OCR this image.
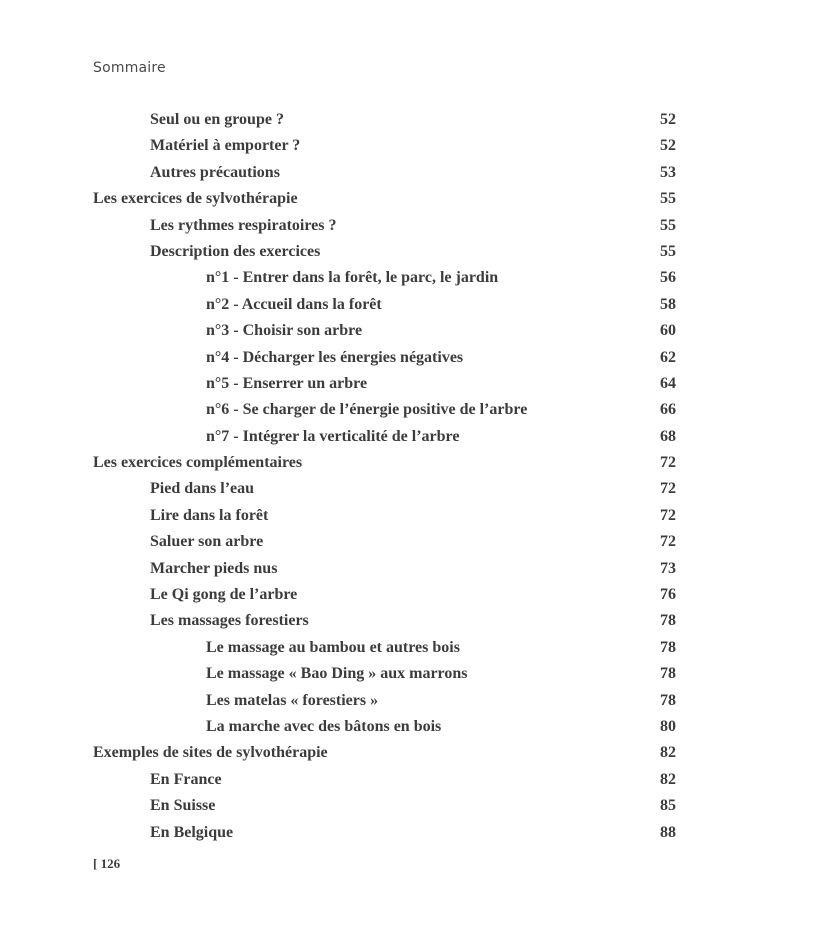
Sommaire
Seul ou en groupe ?	52
Matériel à emporter ?	52
Autres précautions	53
Les exercices de sylvothérapie	55
Les rythmes respiratoires ?	55
Description des exercices	55
n°1 - Entrer dans la forêt, le parc, le jardin	56
n°2 - Accueil dans la forêt	58
n°3 - Choisir son arbre	60
n°4 - Décharger les énergies négatives	62
n°5 - Enserrer un arbre	64
n°6 - Se charger de l’énergie positive de l’arbre	66
n°7 - Intégrer la verticalité de l’arbre	68
Les exercices complémentaires	72
Pied dans l’eau	72
Lire dans la forêt	72
Saluer son arbre	72
Marcher pieds nus	73
Le Qi gong de l’arbre	76
Les massages forestiers	78
Le massage au bambou et autres bois	78
Le massage « Bao Ding » aux marrons	78
Les matelas « forestiers »	78
La marche avec des bâtons en bois	80
Exemples de sites de sylvothérapie	82
En France	82
En Suisse	85
En Belgique	88
[ 126
